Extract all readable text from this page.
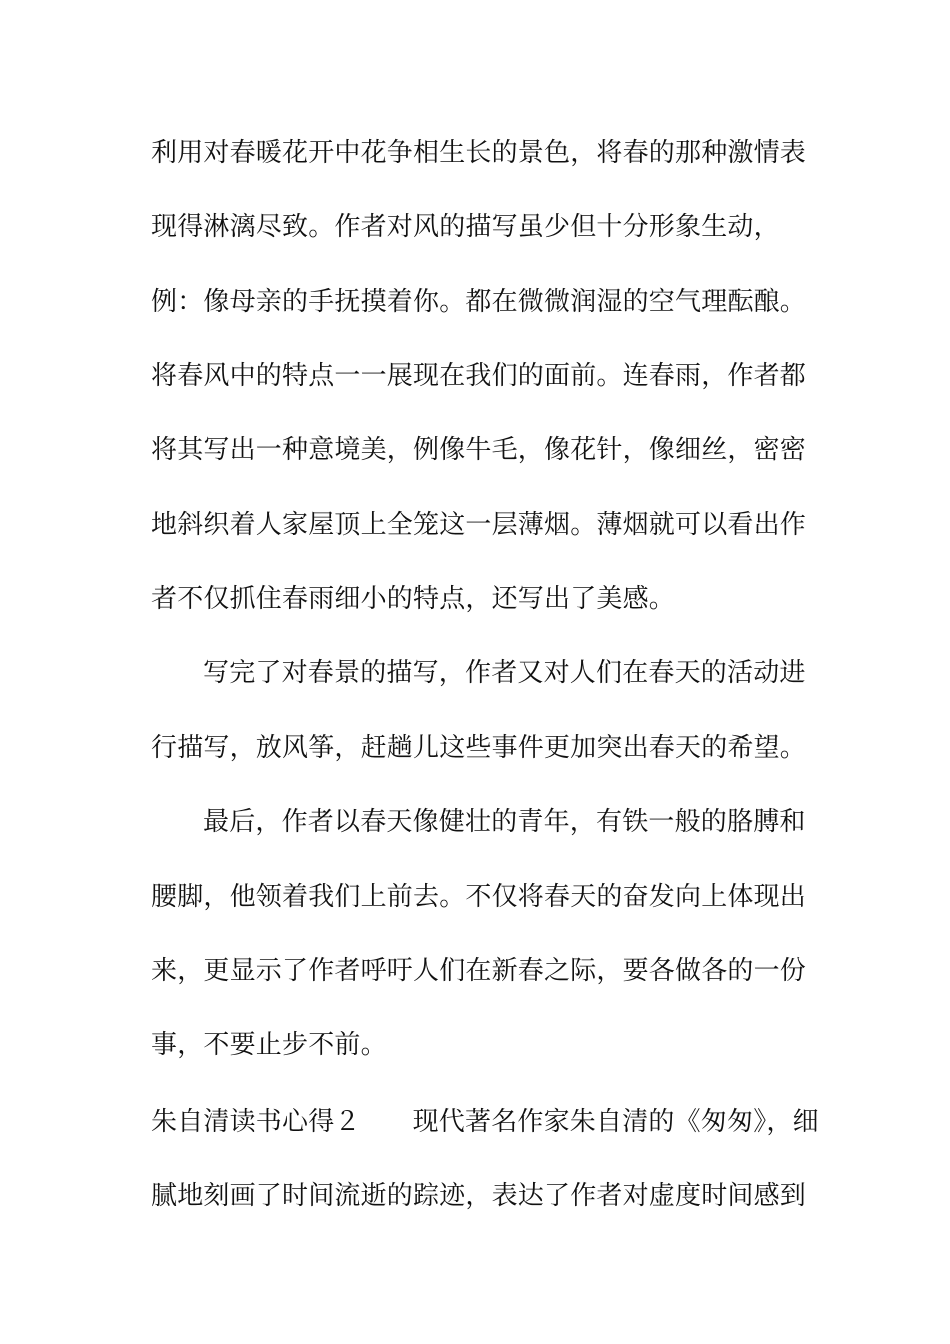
利用对春暖花开中花争相生长的景色，将春的那种激情表
现得淋漓尽致。作者对风的描写虽少但十分形象生动，
例：像母亲的手抚摸着你。都在微微润湿的空气理酝酿。
将春风中的特点一一展现在我们的面前。连春雨，作者都
将其写出一种意境美，例像牛毛，像花针，像细丝，密密
地斜织着人家屋顶上全笼这一层薄烟。薄烟就可以看出作
者不仅抓住春雨细小的特点，还写出了美感。
写完了对春景的描写，作者又对人们在春天的活动进
行描写，放风筝，赶趟儿这些事件更加突出春天的希望。
最后，作者以春天像健壮的青年，有铁一般的胳膊和
腰脚，他领着我们上前去。不仅将春天的奋发向上体现出
来，更显示了作者呼吁人们在新春之际，要各做各的一份
事，不要止步不前。
朱自清读书心得２ 现代著名作家朱自清的《匆匆》，细
腻地刻画了时间流逝的踪迹，表达了作者对虚度时间感到
